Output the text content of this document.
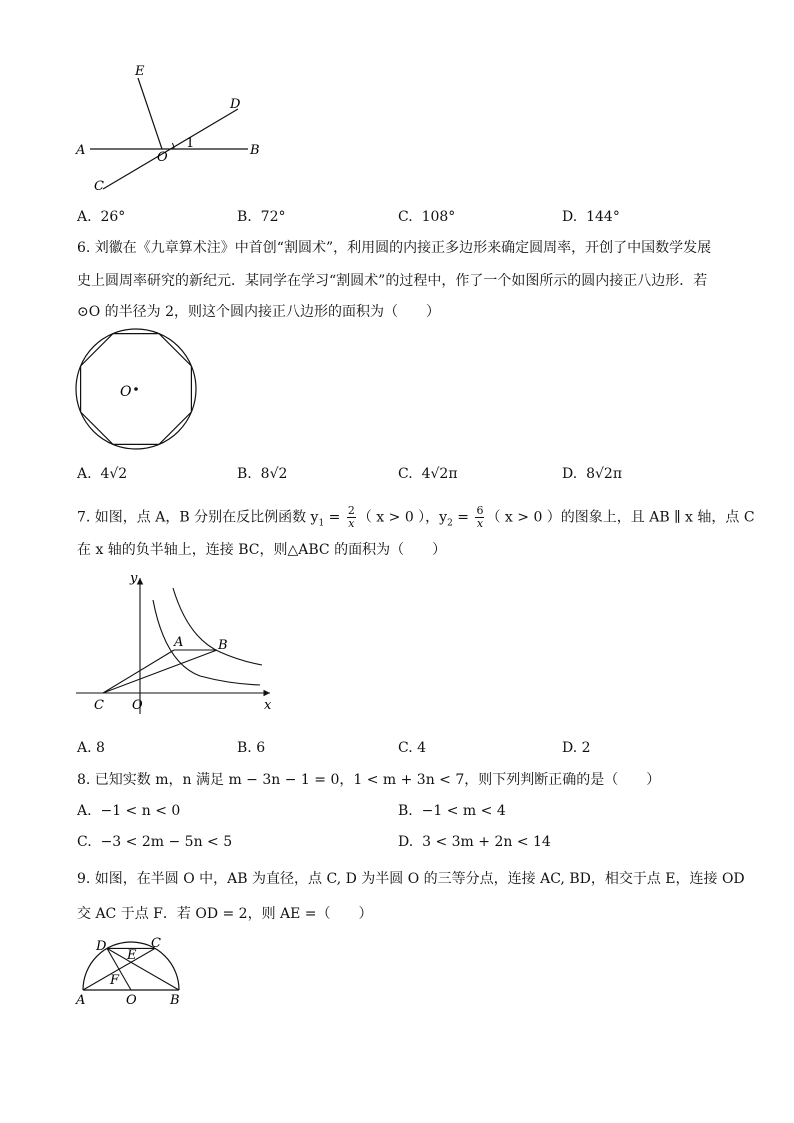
E
D
A	O	B
C
1
A. 26°	B. 72°	C. 108°	D. 144°
6. 刘徽在《九章算术注》中首创“割圆术”，利用圆的内接正多边形来确定圆周率，开创了中国数学发展
史上圆周率研究的新纪元．某同学在学习“割圆术”的过程中，作了一个如图所示的圆内接正八边形．若
⊙O 的半径为 2，则这个圆内接正八边形的面积为（　　）
O
A. 4√2	B. 8√2	C. 4√2π	D. 8√2π
7. 如图，点 A，B 分别在反比例函数 $y_1 = \frac{2}{x}$ （ x > 0 ），$y_2 = \frac{6}{x}$ （ x > 0 ）的图象上，且 AB ∥ x 轴，点 C
在 x 轴的负半轴上，连接 BC，则△ABC 的面积为（　　）
y
x
A	B
C O
A. 8	B. 6	C. 4	D. 2
8. 已知实数 m，n 满足 m − 3n − 1 = 0，1 < m + 3n < 7，则下列判断正确的是（　　）
A. −1 < n < 0	B. −1 < m < 4
C. −3 < 2m − 5n < 5	D. 3 < 3m + 2n < 14
9. 如图，在半圆 O 中，AB 为直径，点 C, D 为半圆 O 的三等分点，连接 AC, BD，相交于点 E，连接 OD
交 AC 于点 F．若 OD = 2，则 AE =（　　）
D	C
E
F
A	O	B
